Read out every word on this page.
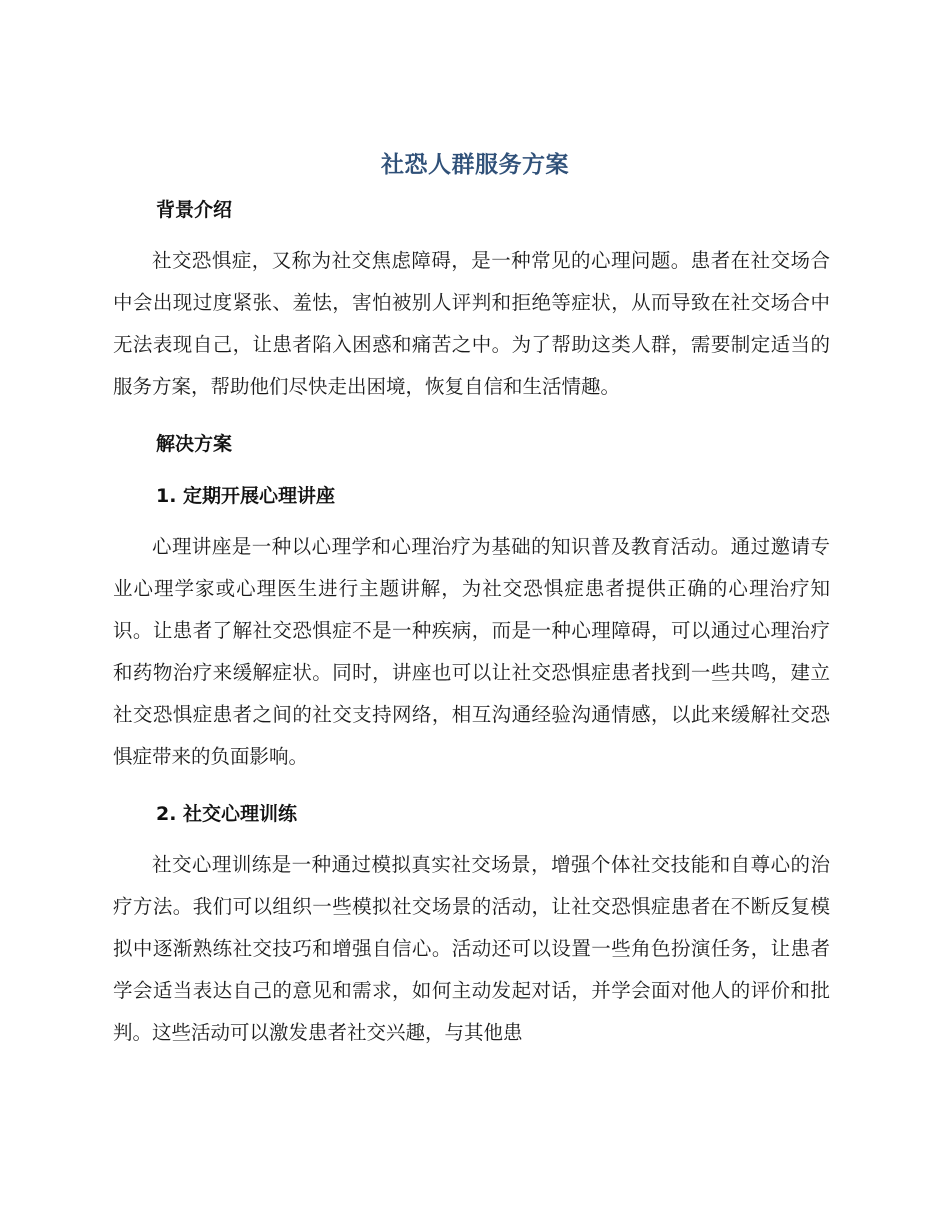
社恐人群服务方案
背景介绍

社交恐惧症，又称为社交焦虑障碍，是一种常见的心理问题。患者在社交场合中会出现过度紧张、羞怯，害怕被别人评判和拒绝等症状，从而导致在社交场合中无法表现自己，让患者陷入困惑和痛苦之中。为了帮助这类人群，需要制定适当的服务方案，帮助他们尽快走出困境，恢复自信和生活情趣。

解决方案
1. 定期开展心理讲座

心理讲座是一种以心理学和心理治疗为基础的知识普及教育活动。通过邀请专业心理学家或心理医生进行主题讲解，为社交恐惧症患者提供正确的心理治疗知识。让患者了解社交恐惧症不是一种疾病，而是一种心理障碍，可以通过心理治疗和药物治疗来缓解症状。同时，讲座也可以让社交恐惧症患者找到一些共鸣，建立社交恐惧症患者之间的社交支持网络，相互沟通经验沟通情感，以此来缓解社交恐惧症带来的负面影响。

2. 社交心理训练

社交心理训练是一种通过模拟真实社交场景，增强个体社交技能和自尊心的治疗方法。我们可以组织一些模拟社交场景的活动，让社交恐惧症患者在不断反复模拟中逐渐熟练社交技巧和增强自信心。活动还可以设置一些角色扮演任务，让患者学会适当表达自己的意见和需求，如何主动发起对话，并学会面对他人的评价和批判。这些活动可以激发患者社交兴趣，与其他患
